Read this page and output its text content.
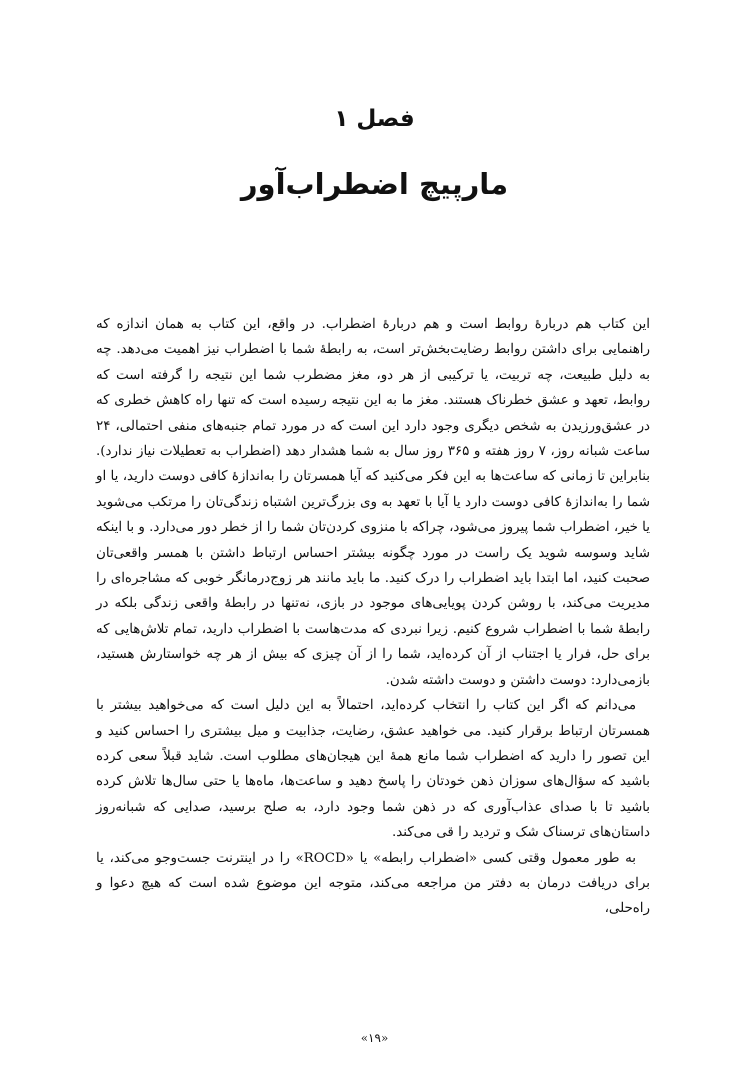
فصل ۱
مارپیچ اضطراب‌آور

این کتاب هم دربارهٔ روابط است و هم دربارهٔ اضطراب. در واقع، این کتاب به همان اندازه که راهنمایی برای داشتن روابط رضایت‌بخش‌تر است، به رابطهٔ شما با اضطراب نیز اهمیت می‌دهد. چه به دلیل طبیعت، چه تربیت، یا ترکیبی از هر دو، مغز مضطرب شما این نتیجه را گرفته است که روابط، تعهد و عشق خطرناک هستند. مغز ما به این نتیجه رسیده است که تنها راه کاهش خطری که در عشق‌ورزیدن به شخص دیگری وجود دارد این است که در مورد تمام جنبه‌های منفی احتمالی، ۲۴ ساعت شبانه روز، ۷ روز هفته و ۳۶۵ روز سال به شما هشدار دهد (اضطراب به تعطیلات نیاز ندارد). بنابراین تا زمانی که ساعت‌ها به این فکر می‌کنید که آیا همسرتان را به‌اندازهٔ کافی دوست دارید، یا او شما را به‌اندازهٔ کافی دوست دارد یا آیا با تعهد به وی بزرگ‌ترین اشتباه زندگی‌تان را مرتکب می‌شوید یا خیر، اضطراب شما پیروز می‌شود، چراکه با منزوی کردن‌تان شما را از خطر دور می‌دارد. و با اینکه شاید وسوسه شوید یک راست در مورد چگونه بیشتر احساس ارتباط داشتن با همسر واقعی‌تان صحبت کنید، اما ابتدا باید اضطراب را درک کنید. ما باید مانند هر زوج‌درمانگر خوبی که مشاجره‌ای را مدیریت می‌کند، با روشن کردن پویایی‌های موجود در بازی، نه‌تنها در رابطهٔ واقعی زندگی بلکه در رابطهٔ شما با اضطراب شروع کنیم. زیرا نبردی که مدت‌هاست با اضطراب دارید، تمام تلاش‌هایی که برای حل، فرار یا اجتناب از آن کرده‌اید، شما را از آن چیزی که بیش از هر چه خواستارش هستید، بازمی‌دارد: دوست داشتن و دوست داشته شدن.

می‌دانم که اگر این کتاب را انتخاب کرده‌اید، احتمالاً به این دلیل است که می‌خواهید بیشتر با همسرتان ارتباط برقرار کنید. می خواهید عشق، رضایت، جذابیت و میل بیشتری را احساس کنید و این تصور را دارید که اضطراب شما مانع همهٔ این هیجان‌های مطلوب است. شاید قبلاً سعی کرده باشید که سؤال‌های سوزان ذهن خودتان را پاسخ دهید و ساعت‌ها، ماه‌ها یا حتی سال‌ها تلاش کرده باشید تا با صدای عذاب‌آوری که در ذهن شما وجود دارد، به صلح برسید، صدایی که شبانه‌روز داستان‌های ترسناک شک و تردید را قی می‌کند.

به طور معمول وقتی کسی «اضطراب رابطه» یا «ROCD» را در اینترنت جست‌وجو می‌کند، یا برای دریافت درمان به دفتر من مراجعه می‌کند، متوجه این موضوع شده است که هیچ دعوا و راه‌حلی،

«۱۹»
